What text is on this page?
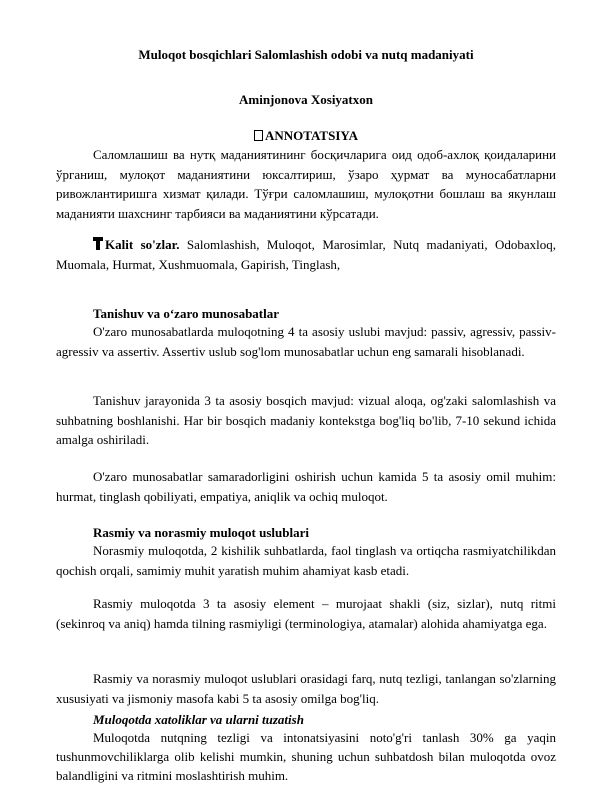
Muloqot bosqichlari Salomlashish odobi va nutq madaniyati
Aminjonova Xosiyatxon
ANNOTATSIYA

Саломлашиш ва нутқ маданиятининг босқичларига оид одоб-ахлоқ қоидаларини ўрганиш, мулоқот маданиятини юксалтириш, ўзаро ҳурмат ва муносабатларни ривожлантиришга хизмат қилади. Тўғри саломлашиш, мулоқотни бошлаш ва якунлаш маданияти шахснинг тарбияси ва маданиятини кўрсатади.

Kalit so'zlar. Salomlashish, Muloqot, Marosimlar, Nutq madaniyati, Odobaxloq, Muomala, Hurmat, Xushmuomala, Gapirish, Tinglash,

Tanishuv va oʻzaro munosabatlar

O'zaro munosabatlarda muloqotning 4 ta asosiy uslubi mavjud: passiv, agressiv, passiv-agressiv va assertiv. Assertiv uslub sog'lom munosabatlar uchun eng samarali hisoblanadi.

Tanishuv jarayonida 3 ta asosiy bosqich mavjud: vizual aloqa, og'zaki salomlashish va suhbatning boshlanishi. Har bir bosqich madaniy kontekstga bog'liq bo'lib, 7-10 sekund ichida amalga oshiriladi.

O'zaro munosabatlar samaradorligini oshirish uchun kamida 5 ta asosiy omil muhim: hurmat, tinglash qobiliyati, empatiya, aniqlik va ochiq muloqot.

Rasmiy va norasmiy muloqot uslublari

Norasmiy muloqotda, 2 kishilik suhbatlarda, faol tinglash va ortiqcha rasmiyatchilikdan qochish orqali, samimiy muhit yaratish muhim ahamiyat kasb etadi.

Rasmiy muloqotda 3 ta asosiy element – murojaat shakli (siz, sizlar), nutq ritmi (sekinroq va aniq) hamda tilning rasmiyligi (terminologiya, atamalar) alohida ahamiyatga ega.

Rasmiy va norasmiy muloqot uslublari orasidagi farq, nutq tezligi, tanlangan so'zlarning xususiyati va jismoniy masofa kabi 5 ta asosiy omilga bog'liq.

Muloqotda xatoliklar va ularni tuzatish

Muloqotda nutqning tezligi va intonatsiyasini noto'g'ri tanlash 30% ga yaqin tushunmovchiliklarga olib kelishi mumkin, shuning uchun suhbatdosh bilan muloqotda ovoz balandligini va ritmini moslashtirish muhim.
